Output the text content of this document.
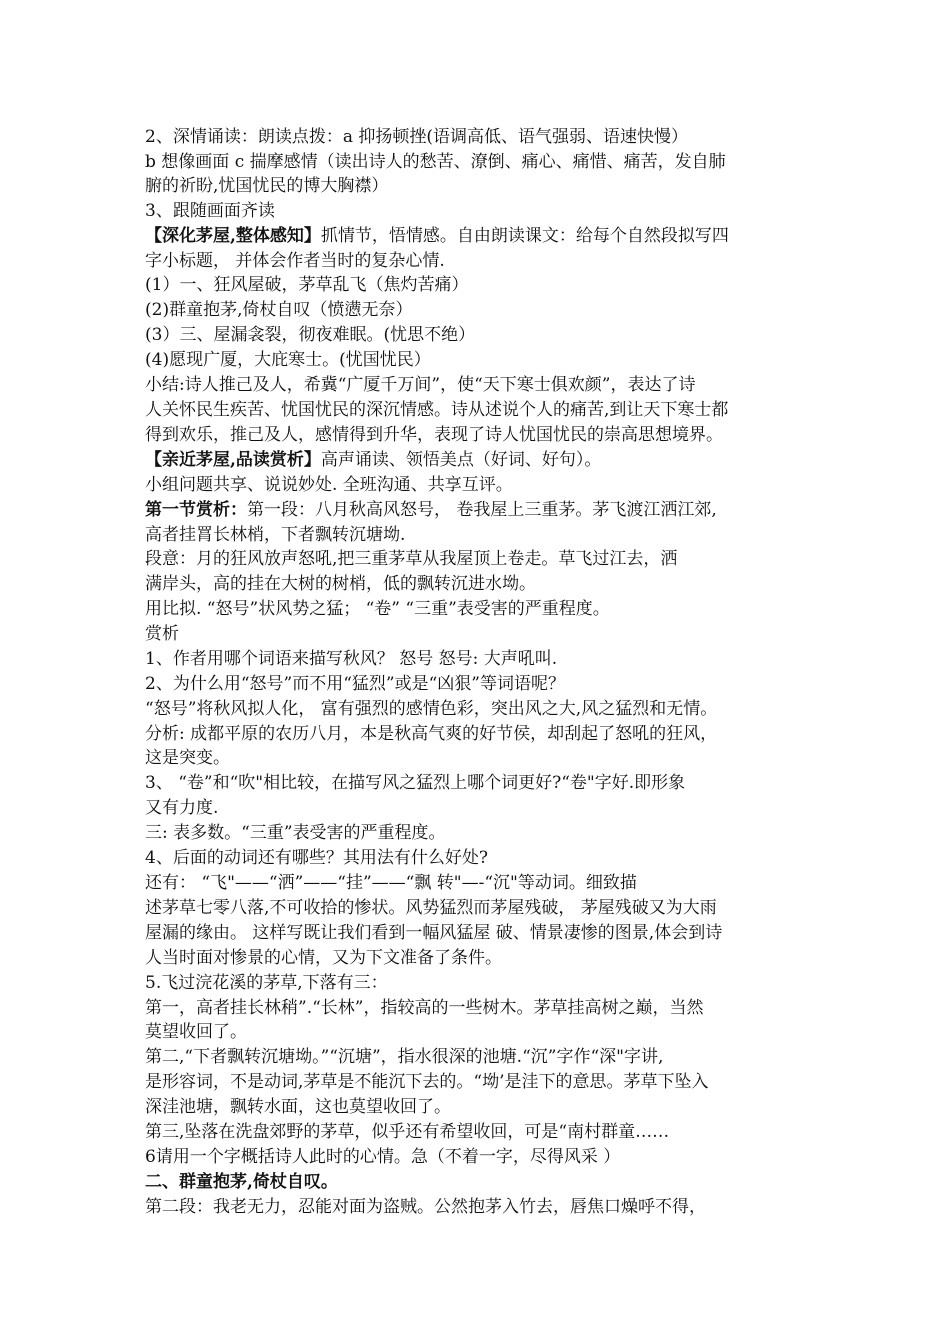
2、深情诵读：朗读点拨：a 抑扬顿挫(语调高低、语气强弱、语速快慢）
b 想像画面 c 揣摩感情（读出诗人的愁苦、潦倒、痛心、痛惜、痛苦，发自肺
腑的祈盼,忧国忧民的博大胸襟）
3、跟随画面齐读
【深化茅屋,整体感知】抓情节，悟情感。自由朗读课文：给每个自然段拟写四
字小标题， 并体会作者当时的复杂心情.
(1）一、狂风屋破，茅草乱飞（焦灼苦痛）
(2)群童抱茅,倚杖自叹（愤懑无奈）
(3）三、屋漏衾裂，彻夜难眠。(忧思不绝）
(4)愿现广厦，大庇寒士。(忧国忧民）
小结:诗人推己及人，希冀“广厦千万间”，使“天下寒士俱欢颜”，表达了诗
人关怀民生疾苦、忧国忧民的深沉情感。诗从述说个人的痛苦,到让天下寒士都
得到欢乐，推己及人，感情得到升华，表现了诗人忧国忧民的崇高思想境界。
【亲近茅屋,品读赏析】高声诵读、领悟美点（好词、好句）。
小组问题共享、说说妙处. 全班沟通、共享互评。
第一节赏析：第一段：八月秋高风怒号， 卷我屋上三重茅。茅飞渡江洒江郊,
高者挂罥长林梢，下者飘转沉塘坳.
段意：月的狂风放声怒吼,把三重茅草从我屋顶上卷走。草飞过江去，洒
满岸头，高的挂在大树的树梢，低的飘转沉进水坳。
用比拟. “怒号”状风势之猛； “卷” “三重”表受害的严重程度。
赏析
1、作者用哪个词语来描写秋风？ 怒号 怒号: 大声吼叫.
2、为什么用“怒号”而不用“猛烈”或是“凶狠”等词语呢？
“怒号”将秋风拟人化， 富有强烈的感情色彩，突出风之大,风之猛烈和无情。
分析: 成都平原的农历八月，本是秋高气爽的好节侯，却刮起了怒吼的狂风，
这是突变。
3、 “卷”和“吹"相比较，在描写风之猛烈上哪个词更好?“卷"字好.即形象
又有力度.
三: 表多数。“三重”表受害的严重程度。
4、后面的动词还有哪些？其用法有什么好处?
还有： “飞"——“洒”——“挂”——“飘 转"—-“沉"等动词。细致描
述茅草七零八落,不可收拾的惨状。风势猛烈而茅屋残破， 茅屋残破又为大雨
屋漏的缘由。 这样写既让我们看到一幅风猛屋 破、情景凄惨的图景,体会到诗
人当时面对惨景的心情，又为下文准备了条件。
5.飞过浣花溪的茅草,下落有三：
第一，高者挂长林稍”.“长林”，指较高的一些树木。茅草挂高树之巅，当然
莫望收回了。
第二,“下者飘转沉塘坳。”“沉塘”，指水很深的池塘.“沉”字作“深"字讲,
是形容词，不是动词,茅草是不能沉下去的。“坳’是洼下的意思。茅草下坠入
深洼池塘，飘转水面，这也莫望收回了。
第三,坠落在洗盘郊野的茅草，似乎还有希望收回，可是“南村群童……
6请用一个字概括诗人此时的心情。急（不着一字，尽得风采 ）
二、群童抱茅,倚杖自叹。
第二段：我老无力，忍能对面为盗贼。公然抱茅入竹去，唇焦口燥呼不得，
